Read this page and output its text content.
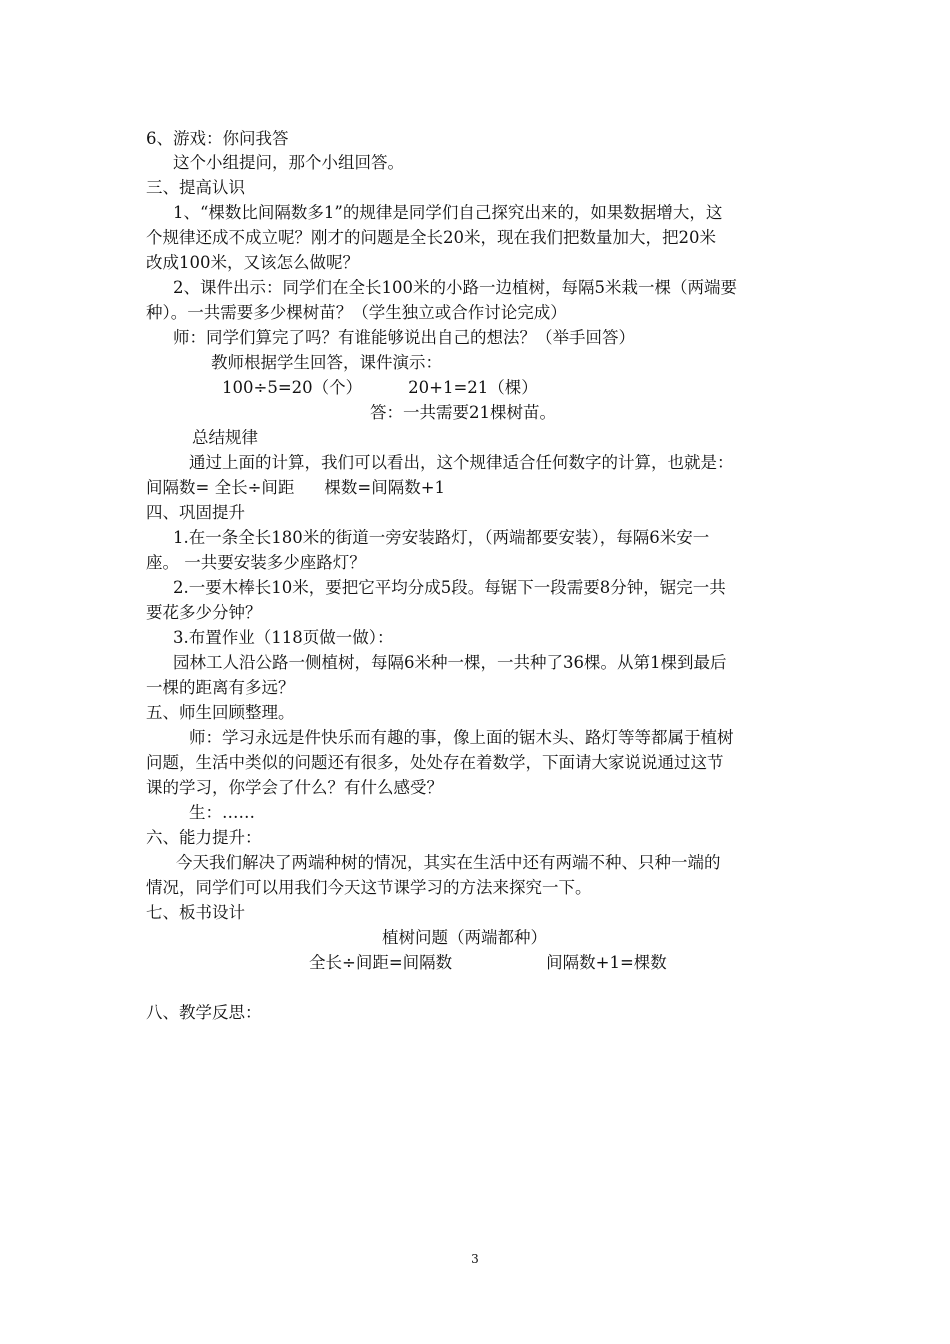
6、游戏：你问我答
这个小组提问，那个小组回答。
三、提高认识
1、“棵数比间隔数多1”的规律是同学们自己探究出来的，如果数据增大，这
个规律还成不成立呢？刚才的问题是全长20米，现在我们把数量加大，把20米
改成100米，又该怎么做呢？
2、课件出示：同学们在全长100米的小路一边植树，每隔5米栽一棵（两端要
种）。一共需要多少棵树苗？（学生独立或合作讨论完成）
师：同学们算完了吗？有谁能够说出自己的想法？（举手回答）
教师根据学生回答，课件演示：
100÷5=20（个）	20+1=21（棵）
答：一共需要21棵树苗。
总结规律
通过上面的计算，我们可以看出，这个规律适合任何数字的计算，也就是：
间隔数= 全长÷间距 棵数=间隔数+1
四、巩固提升
1.在一条全长180米的街道一旁安装路灯，（两端都要安装），每隔6米安一
座。 一共要安装多少座路灯？
2.一要木棒长10米，要把它平均分成5段。每锯下一段需要8分钟，锯完一共
要花多少分钟？
3.布置作业（118页做一做）：
园林工人沿公路一侧植树，每隔6米种一棵，一共种了36棵。从第1棵到最后
一棵的距离有多远？
五、师生回顾整理。
师：学习永远是件快乐而有趣的事，像上面的锯木头、路灯等等都属于植树
问题，生活中类似的问题还有很多，处处存在着数学，下面请大家说说通过这节
课的学习，你学会了什么？有什么感受？
生：……
六、能力提升：
今天我们解决了两端种树的情况，其实在生活中还有两端不种、只种一端的
情况，同学们可以用我们今天这节课学习的方法来探究一下。
七、板书设计
植树问题（两端都种）
全长÷间距=间隔数	间隔数+1=棵数
八、教学反思：
3
